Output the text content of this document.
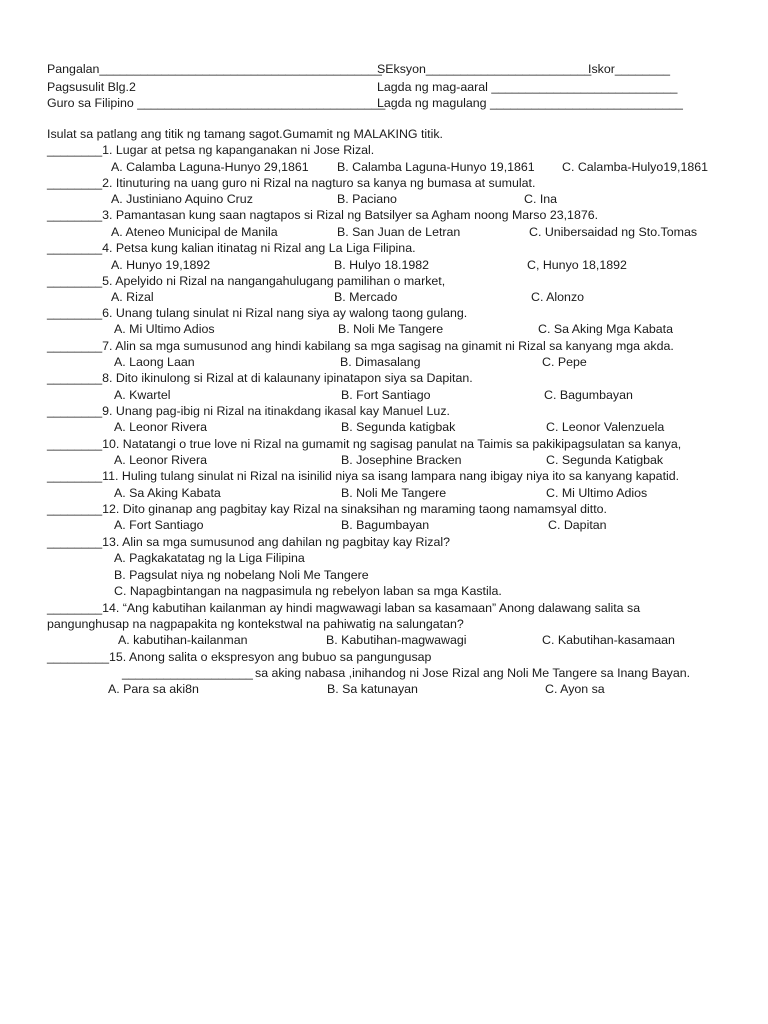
Pangalan_________________________________________
SEksyon________________________
Iskor________
Pagsusulit Blg.2	Lagda ng mag-aaral ___________________________
Guro sa Filipino ____________________________________
Lagda ng magulang ____________________________
Isulat sa patlang ang titik ng tamang sagot.Gumamit ng MALAKING titik.
________1. Lugar at petsa ng kapanganakan ni Jose Rizal.
A. Calamba Laguna-Hunyo 29,1861 B. Calamba Laguna-Hunyo 19,1861 C. Calamba-Hulyo19,1861
________2. Itinuturing na uang guro ni Rizal na nagturo sa kanya ng bumasa at sumulat.
A. Justiniano Aquino Cruz	B. Paciano	C. Ina
________3. Pamantasan kung saan nagtapos si Rizal ng Batsilyer sa Agham noong Marso 23,1876.
A. Ateneo Municipal de Manila	B. San Juan de Letran	C. Unibersaidad ng Sto.Tomas
________4. Petsa kung kalian itinatag ni Rizal ang La Liga Filipina.
A. Hunyo 19,1892	B. Hulyo 18.1982	C, Hunyo 18,1892
________5. Apelyido ni Rizal na nangangahulugang pamilihan o market,
A. Rizal	B. Mercado	C. Alonzo
________6. Unang tulang sinulat ni Rizal nang siya ay walong taong gulang.
A. Mi Ultimo Adios	B. Noli Me Tangere	C. Sa Aking Mga Kabata
________7. Alin sa mga sumusunod ang hindi kabilang sa mga sagisag na ginamit ni Rizal sa kanyang mga akda.
A. Laong Laan	B. Dimasalang	C. Pepe
________8. Dito ikinulong si Rizal at di kalaunany ipinatapon siya sa Dapitan.
A. Kwartel	B. Fort Santiago	C. Bagumbayan
________9. Unang pag-ibig ni Rizal na itinakdang ikasal kay Manuel Luz.
A. Leonor Rivera	B. Segunda katigbak	C. Leonor Valenzuela
________10. Natatangi o true love ni Rizal na gumamit ng sagisag panulat na Taimis sa pakikipagsulatan sa kanya,
A. Leonor Rivera	B. Josephine Bracken	C. Segunda Katigbak
________11. Huling tulang sinulat ni Rizal na isinilid niya sa isang lampara nang ibigay niya ito sa kanyang kapatid.
A. Sa Aking Kabata	B. Noli Me Tangere	C. Mi Ultimo Adios
________12. Dito ginanap ang pagbitay kay Rizal na sinaksihan ng maraming taong namamsyal ditto.
A. Fort Santiago	B. Bagumbayan	C. Dapitan
________13. Alin sa mga sumusunod ang dahilan ng pagbitay kay Rizal?
A. Pagkakatatag ng la Liga Filipina
B. Pagsulat niya ng nobelang Noli Me Tangere
C. Napagbintangan na nagpasimula ng rebelyon laban sa mga Kastila.
________14. “Ang kabutihan kailanman ay hindi magwawagi laban sa kasamaan” Anong dalawang salita sa
pangunghusap na nagpapakita ng kontekstwal na pahiwatig na salungatan?
A. kabutihan-kailanman	B. Kabutihan-magwawagi	C. Kabutihan-kasamaan
_________15. Anong salita o ekspresyon ang bubuo sa pangungusap
___________________ sa aking nabasa ,inihandog ni Jose Rizal ang Noli Me Tangere sa Inang Bayan.
A. Para sa aki8n	B. Sa katunayan	C. Ayon sa
